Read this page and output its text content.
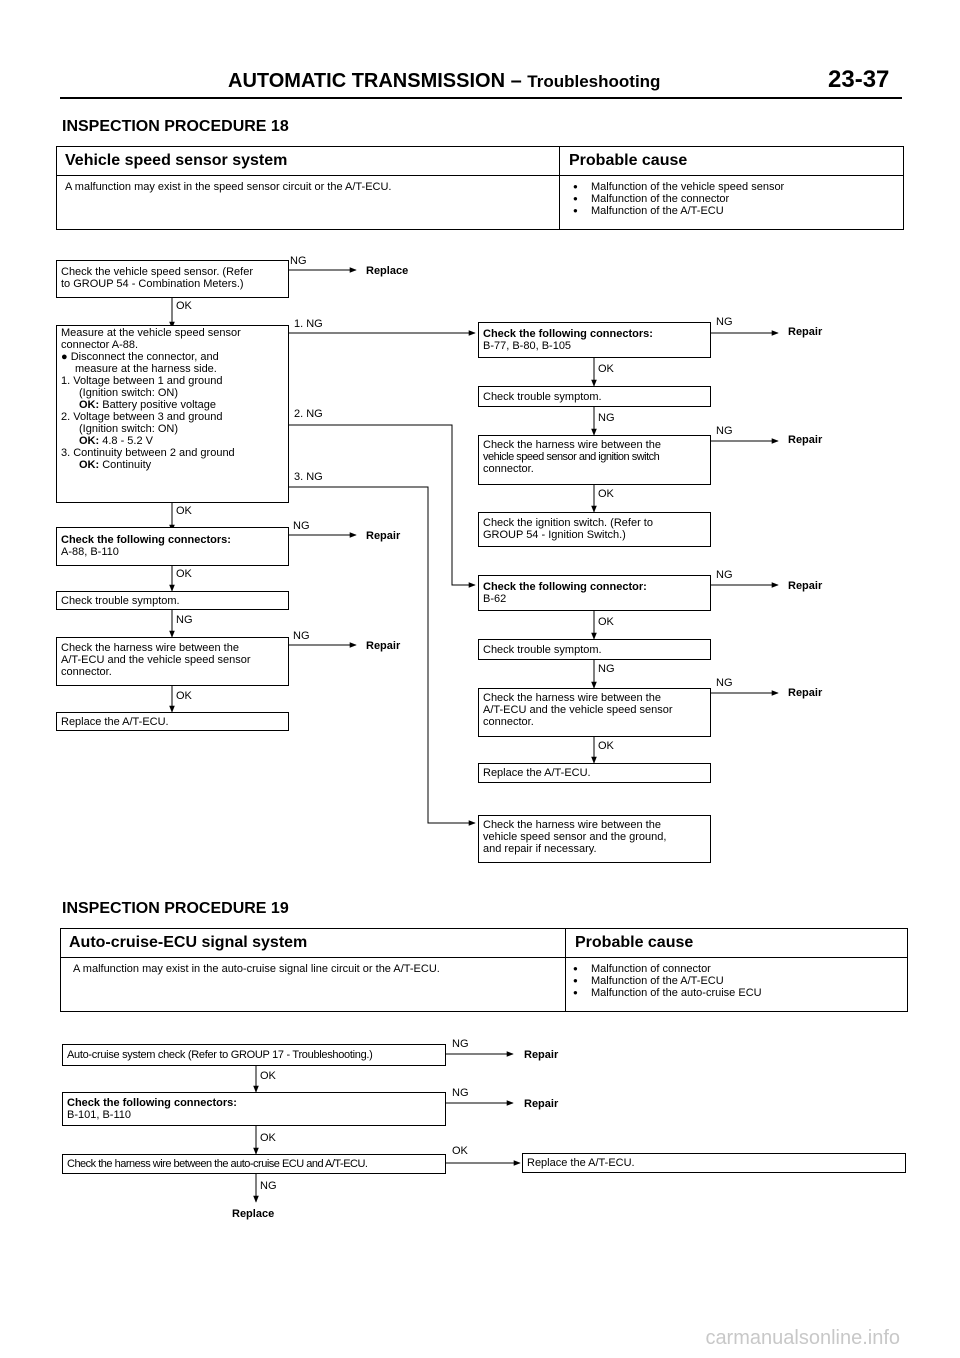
AUTOMATIC TRANSMISSION – Troubleshooting	23-37
INSPECTION PROCEDURE 18
Vehicle speed sensor system	Probable cause
A malfunction may exist in the speed sensor circuit or the A/T-ECU.	● Malfunction of the vehicle speed sensor
● Malfunction of the connector
● Malfunction of the A/T-ECU
Check the vehicle speed sensor. (Refer
to GROUP 54 - Combination Meters.)
Measure at the vehicle speed sensor
connector A-88.
● Disconnect the connector, and
measure at the harness side.
1. Voltage between 1 and ground
(Ignition switch: ON)
OK: Battery positive voltage
2. Voltage between 3 and ground
(Ignition switch: ON)
OK: 4.8 - 5.2 V
3. Continuity between 2 and ground
OK: Continuity
Check the following connectors:
A-88, B-110
Check trouble symptom.
Check the harness wire between the
A/T-ECU and the vehicle speed sensor
connector.
Replace the A/T-ECU.
Check the following connectors:
B-77, B-80, B-105
Check trouble symptom.
Check the harness wire between the
vehicle speed sensor and ignition switch
connector.
Check the ignition switch. (Refer to
GROUP 54 - Ignition Switch.)
Check the following connector:
B-62
Check trouble symptom.
Check the harness wire between the
A/T-ECU and the vehicle speed sensor
connector.
Replace the A/T-ECU.
Check the harness wire between the
vehicle speed sensor and the ground,
and repair if necessary.
NG
Replace
OK
1. NG
2. NG
3. NG
OK
NG
Repair
OK
NG
NG
Repair
OK
NG
Repair
OK
NG
NG
Repair
OK
NG
Repair
OK
NG
NG
Repair
OK
INSPECTION PROCEDURE 19
Auto-cruise-ECU signal system	Probable cause
A malfunction may exist in the auto-cruise signal line circuit or the A/T-ECU.	● Malfunction of connector
● Malfunction of the A/T-ECU
● Malfunction of the auto-cruise ECU
Auto-cruise system check (Refer to GROUP 17 - Troubleshooting.)
Check the following connectors:
B-101, B-110
Check the harness wire between the auto-cruise ECU and A/T-ECU.	Replace the A/T-ECU.
NG
Repair
OK
NG
Repair
OK
OK
NG
Replace
carmanualsonline.info
